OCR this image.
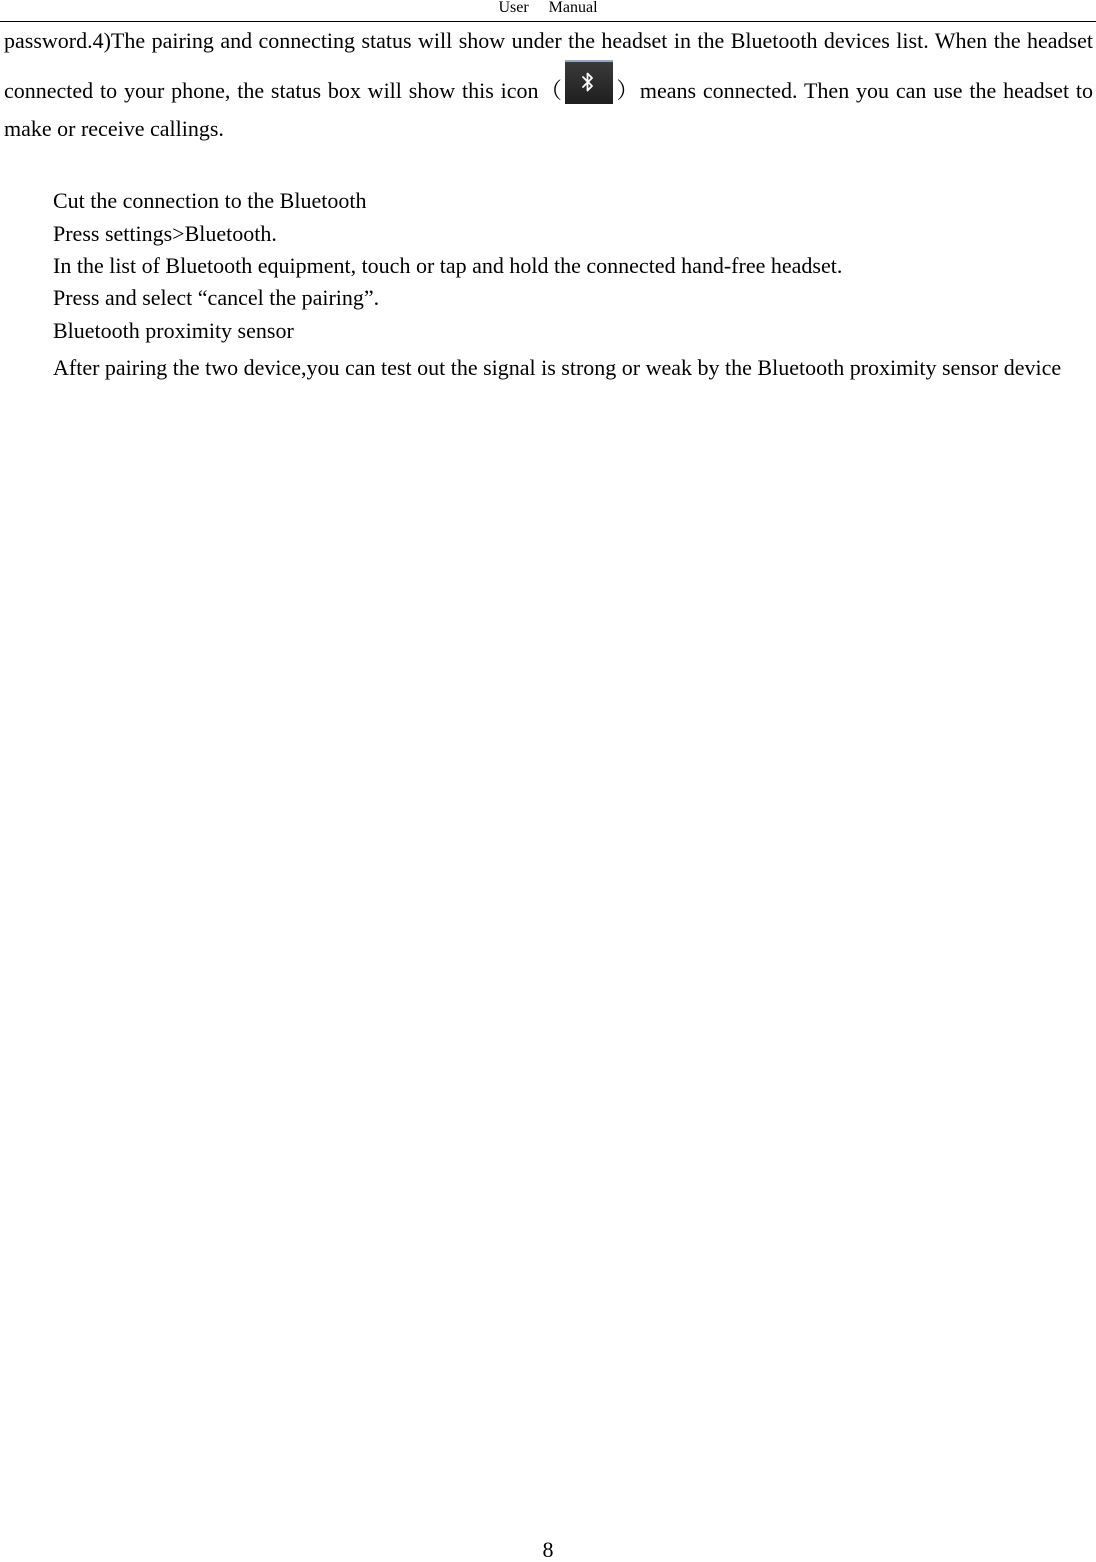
User Manual

password.4)The pairing and connecting status will show under the headset in the Bluetooth devices list. When the headset connected to your phone, the status box will show this icon（ ）means connected. Then you can use the headset to make or receive callings.

Cut the connection to the Bluetooth

Press settings>Bluetooth.

In the list of Bluetooth equipment, touch or tap and hold the connected hand-free headset.

Press and select “cancel the pairing”.

Bluetooth proximity sensor

After pairing the two device,you can test out the signal is strong or weak by the Bluetooth proximity sensor device

8
